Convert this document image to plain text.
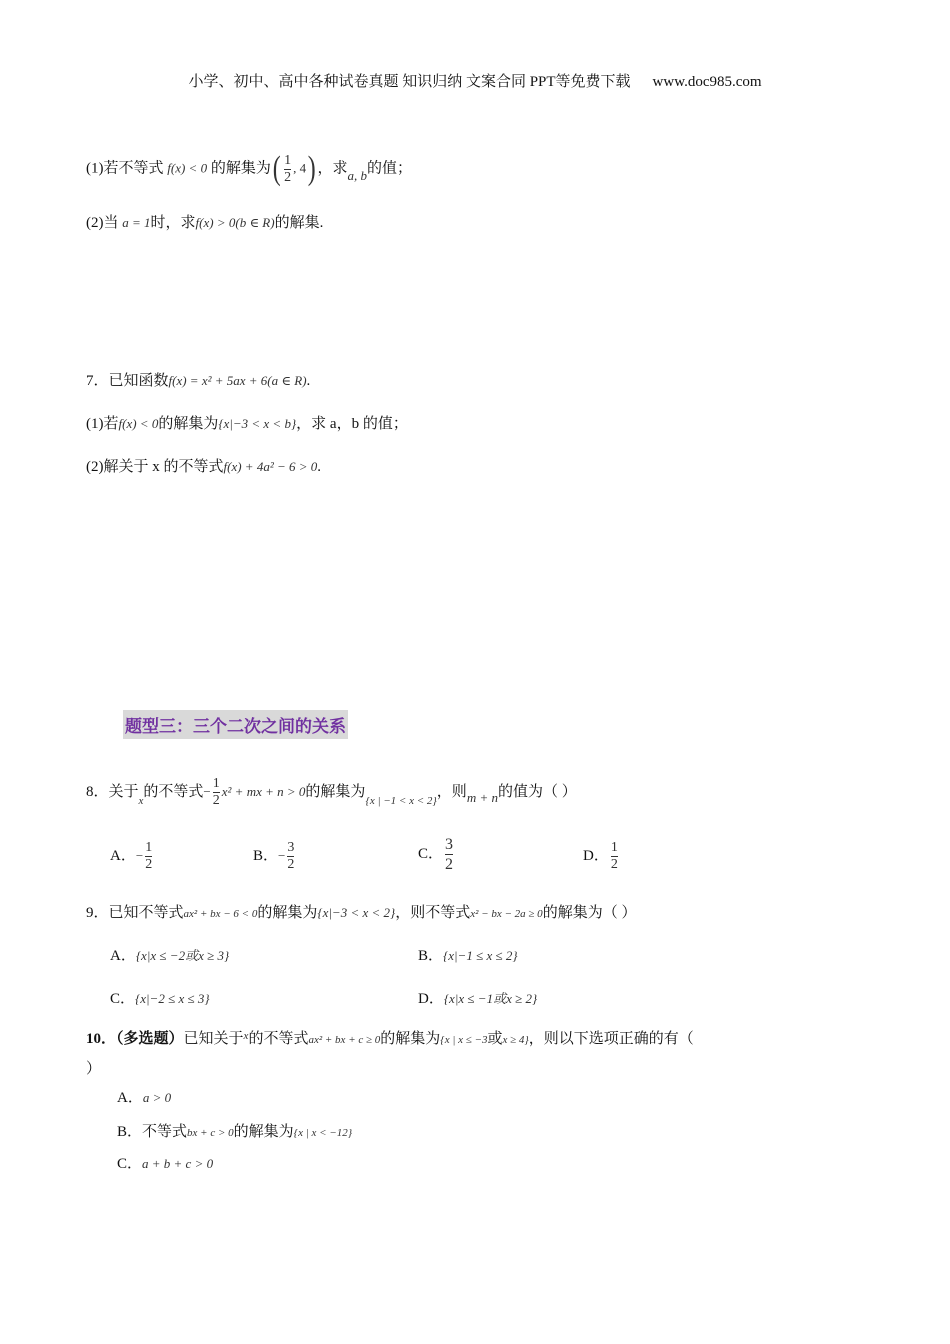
小学、初中、高中各种试卷真题 知识归纳 文案合同 PPT等免费下载 www.doc985.com
(1)若不等式 f(x) < 0 的解集为( $\frac{1}{2}$ , 4) ，求a, b的值；
(2)当 a = 1时，求f(x) > 0(b ∈ R)的解集.
7．已知函数f(x) = x² + 5ax + 6(a ∈ R).
(1)若f(x) < 0的解集为{x|−3 < x < b}，求 a，b 的值；
(2)解关于 x 的不等式f(x) + 4a² − 6 > 0.
题型三：三个二次之间的关系
8．关于$_x$的不等式− $\frac{1}{2} x^2$ + mx + n > 0的解集为$_{\{x | -1 < x < 2\}}$，则m + n的值为（ ）
A．− $\frac{1}{2}$	B．− $\frac{3}{2}$	C． $\frac{3}{2}$	D． $\frac{1}{2}$
9．已知不等式ax² + bx − 6 < 0的解集为{x|−3 < x < 2}，则不等式x² − bx − 2a ≥ 0的解集为（ ）
A．{x|x ≤ −2或x ≥ 3}	B．{x|−1 ≤ x ≤ 2}
C．{x|−2 ≤ x ≤ 3}	D．{x|x ≤ −1或x ≥ 2}
10．（多选题）已知关于$^x$的不等式ax² + bx + c ≥ 0的解集为{x | x ≤ −3或x ≥ 4}，则以下选项正确的有（
）
A．a > 0
B．不等式bx + c > 0的解集为{x | x < −12}
C．a + b + c > 0
